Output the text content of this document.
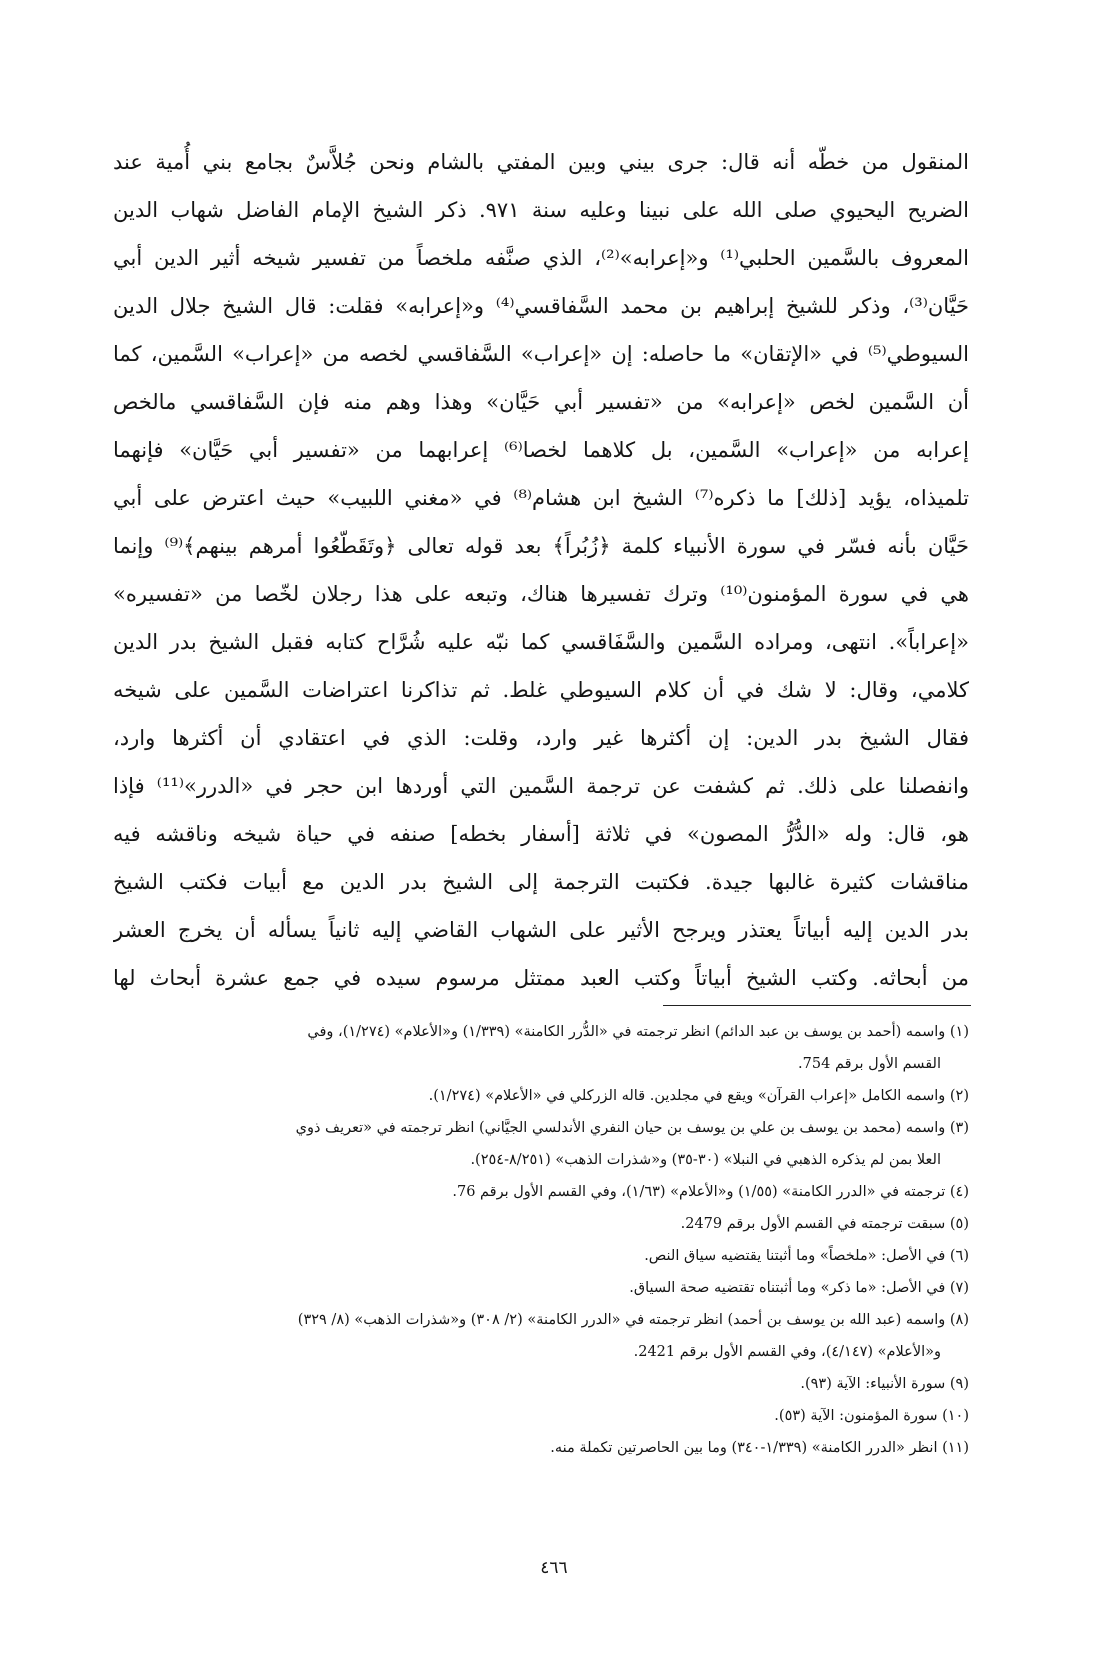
المنقول من خطّه أنه قال: جرى بيني وبين المفتي بالشام ونحن جُلاَّسٌ بجامع بني أُمية عند
الضريح اليحيوي صلى الله على نبينا وعليه سنة ٩٧١. ذكر الشيخ الإمام الفاضل شهاب الدين
المعروف بالسَّمين الحلبي⁽¹⁾ و«إعرابه»⁽²⁾، الذي صنَّفه ملخصاً من تفسير شيخه أثير الدين أبي
حَيَّان⁽³⁾، وذكر للشيخ إبراهيم بن محمد السَّفاقسي⁽⁴⁾ و«إعرابه» فقلت: قال الشيخ جلال الدين
السيوطي⁽⁵⁾ في «الإتقان» ما حاصله: إن «إعراب» السَّفاقسي لخصه من «إعراب» السَّمين، كما
أن السَّمين لخص «إعرابه» من «تفسير أبي حَيَّان» وهذا وهم منه فإن السَّفاقسي مالخص
إعرابه من «إعراب» السَّمين، بل كلاهما لخصا⁽⁶⁾ إعرابهما من «تفسير أبي حَيَّان» فإنهما
تلميذاه، يؤيد [ذلك] ما ذكره⁽⁷⁾ الشيخ ابن هشام⁽⁸⁾ في «مغني اللبيب» حيث اعترض على أبي
حَيَّان بأنه فسّر في سورة الأنبياء كلمة ﴿زُبُراً﴾ بعد قوله تعالى ﴿وتَقَطّعُوا أمرهم بينهم﴾⁽⁹⁾ وإنما
هي في سورة المؤمنون⁽¹⁰⁾ وترك تفسيرها هناك، وتبعه على هذا رجلان لخّصا من «تفسيره»
«إعراباً». انتهى، ومراده السَّمين والسَّفَاقسي كما نبّه عليه شُرَّاح كتابه فقبل الشيخ بدر الدين
كلامي، وقال: لا شك في أن كلام السيوطي غلط. ثم تذاكرنا اعتراضات السَّمين على شيخه
فقال الشيخ بدر الدين: إن أكثرها غير وارد، وقلت: الذي في اعتقادي أن أكثرها وارد،
وانفصلنا على ذلك. ثم كشفت عن ترجمة السَّمين التي أوردها ابن حجر في «الدرر»⁽¹¹⁾ فإذا
هو، قال: وله «الدُّرُّ المصون» في ثلاثة [أسفار بخطه] صنفه في حياة شيخه وناقشه فيه
مناقشات كثيرة غالبها جيدة. فكتبت الترجمة إلى الشيخ بدر الدين مع أبيات فكتب الشيخ
بدر الدين إليه أبياتاً يعتذر ويرجح الأثير على الشهاب القاضي إليه ثانياً يسأله أن يخرج العشر
من أبحاثه. وكتب الشيخ أبياتاً وكتب العبد ممتثل مرسوم سيده في جمع عشرة أبحاث لها
(١) واسمه (أحمد بن يوسف بن عبد الدائم) انظر ترجمته في «الدُّرر الكامنة» (١/٣٣٩) و«الأعلام» (١/٢٧٤)، وفي
القسم الأول برقم 754.
(٢) واسمه الكامل «إعراب القرآن» ويقع في مجلدين. قاله الزركلي في «الأعلام» (١/٢٧٤).
(٣) واسمه (محمد بن يوسف بن علي بن يوسف بن حيان النفري الأندلسي الجيَّاني) انظر ترجمته في «تعريف ذوي
العلا بمن لم يذكره الذهبي في النبلا» (٣٠-٣٥) و«شذرات الذهب» (٨/٢٥١-٢٥٤).
(٤) ترجمته في «الدرر الكامنة» (١/٥٥) و«الأعلام» (١/٦٣)، وفي القسم الأول برقم 76.
(٥) سبقت ترجمته في القسم الأول برقم 2479.
(٦) في الأصل: «ملخصاً» وما أثبتنا يقتضيه سياق النص.
(٧) في الأصل: «ما ذكر» وما أثبتناه تقتضيه صحة السياق.
(٨) واسمه (عبد الله بن يوسف بن أحمد) انظر ترجمته في «الدرر الكامنة» (٢/ ٣٠٨) و«شذرات الذهب» (٨/ ٣٢٩)
و«الأعلام» (٤/١٤٧)، وفي القسم الأول برقم 2421.
(٩) سورة الأنبياء: الآية (٩٣).
(١٠) سورة المؤمنون: الآية (٥٣).
(١١) انظر «الدرر الكامنة» (١/٣٣٩-٣٤٠) وما بين الحاصرتين تكملة منه.
٤٦٦
